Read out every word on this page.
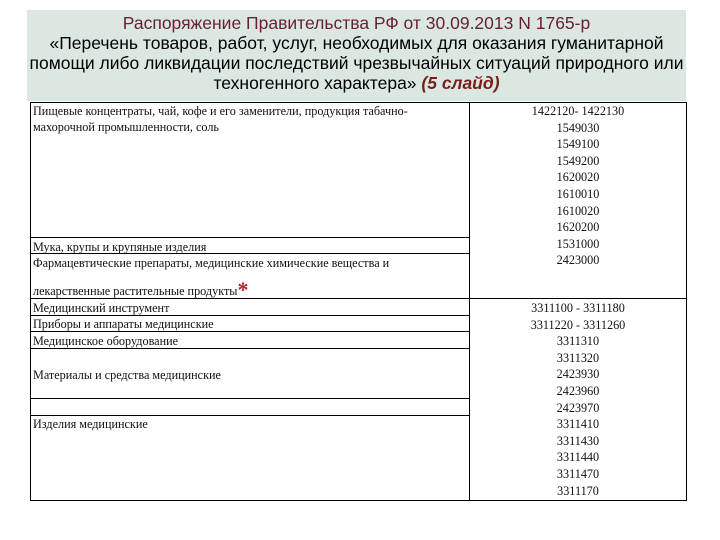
Распоряжение Правительства РФ от 30.09.2013 N 1765-р
«Перечень товаров, работ, услуг, необходимых для оказания гуманитарной
помощи либо ликвидации последствий чрезвычайных ситуаций природного или
техногенного характера» (5 слайд)
Пищевые концентраты, чай, кофе и его заменители, продукция табачно-
махорочной промышленности, соль
Мука, крупы и крупяные изделия
Фармацевтические препараты, медицинские химические вещества и
лекарственные растительные продукты*
Медицинский инструмент
Приборы и аппараты медицинские
Медицинское оборудование
Материалы и средства медицинские
Изделия медицинские
1422120- 1422130
1549030
1549100
1549200
1620020
1610010
1610020
1620200
1531000
2423000
3311100 - 3311180
3311220 - 3311260
3311310
3311320
2423930
2423960
2423970
3311410
3311430
3311440
3311470
3311170
